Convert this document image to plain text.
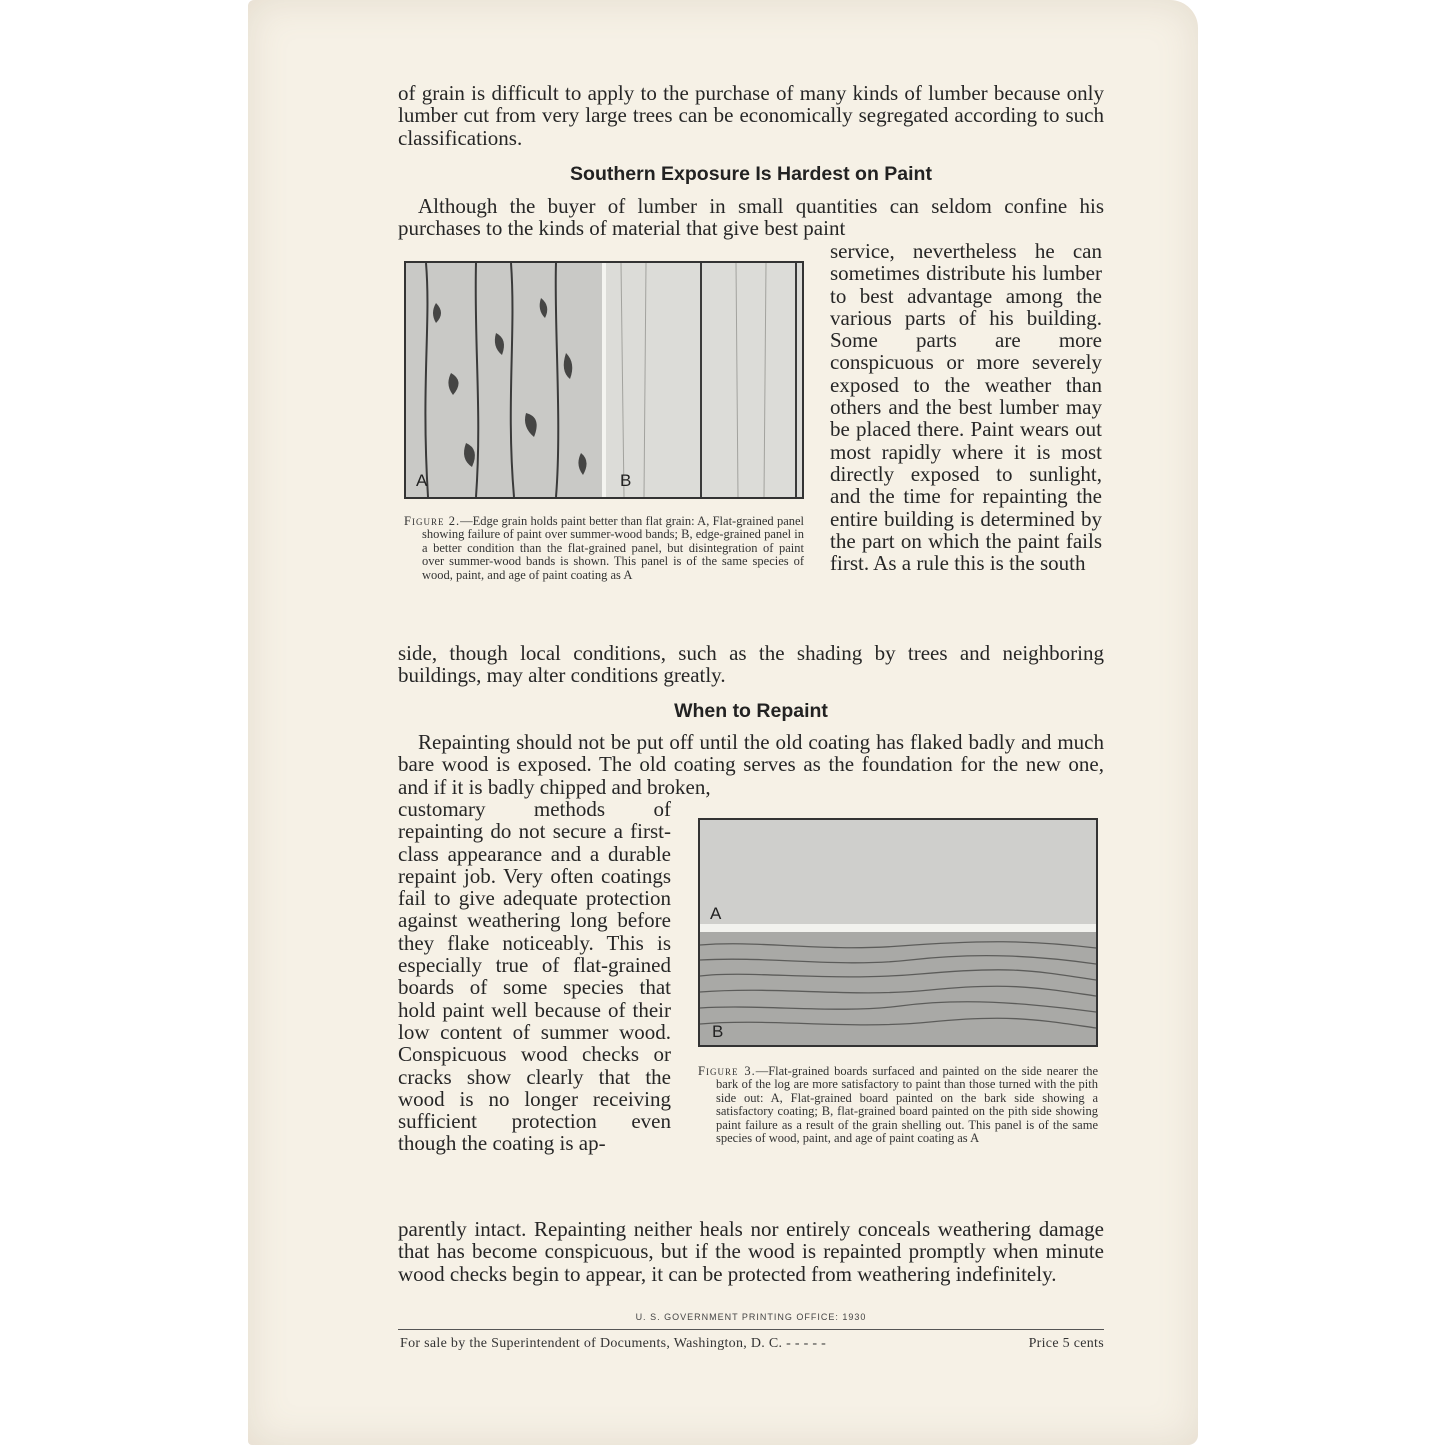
of grain is difficult to apply to the purchase of many kinds of lumber because only lumber cut from very large trees can be economically segregated according to such classifications.

Southern Exposure Is Hardest on Paint

Although the buyer of lumber in small quantities can seldom confine his purchases to the kinds of material that give best paint

A	B
Figure 2.—Edge grain holds paint better than flat grain: A, Flat-grained panel showing failure of paint over summer-wood bands; B, edge-grained panel in a better condition than the flat-grained panel, but disintegration of paint over summer-wood bands is shown. This panel is of the same species of wood, paint, and age of paint coating as A

service, nevertheless he can sometimes distribute his lumber to best advantage among the various parts of his building. Some parts are more conspicuous or more severely exposed to the weather than others and the best lumber may be placed there. Paint wears out most rapidly where it is most directly exposed to sunlight, and the time for repainting the entire building is determined by the part on which the paint fails first. As a rule this is the south

side, though local conditions, such as the shading by trees and neighboring buildings, may alter conditions greatly.

When to Repaint

Repainting should not be put off until the old coating has flaked badly and much bare wood is exposed. The old coating serves as the foundation for the new one, and if it is badly chipped and broken,

customary methods of repainting do not secure a first-class appearance and a durable repaint job. Very often coatings fail to give adequate protection against weathering long before they flake noticeably. This is especially true of flat-grained boards of some species that hold paint well because of their low content of summer wood. Conspicuous wood checks or cracks show clearly that the wood is no longer receiving sufficient protection even though the coating is ap-

A
B
Figure 3.—Flat-grained boards surfaced and painted on the side nearer the bark of the log are more satisfactory to paint than those turned with the pith side out: A, Flat-grained board painted on the bark side showing a satisfactory coating; B, flat-grained board painted on the pith side showing paint failure as a result of the grain shelling out. This panel is of the same species of wood, paint, and age of paint coating as A

parently intact. Repainting neither heals nor entirely conceals weathering damage that has become conspicuous, but if the wood is repainted promptly when minute wood checks begin to appear, it can be protected from weathering indefinitely.

U. S. GOVERNMENT PRINTING OFFICE: 1930
For sale by the Superintendent of Documents, Washington, D. C. - - - - -	Price 5 cents
